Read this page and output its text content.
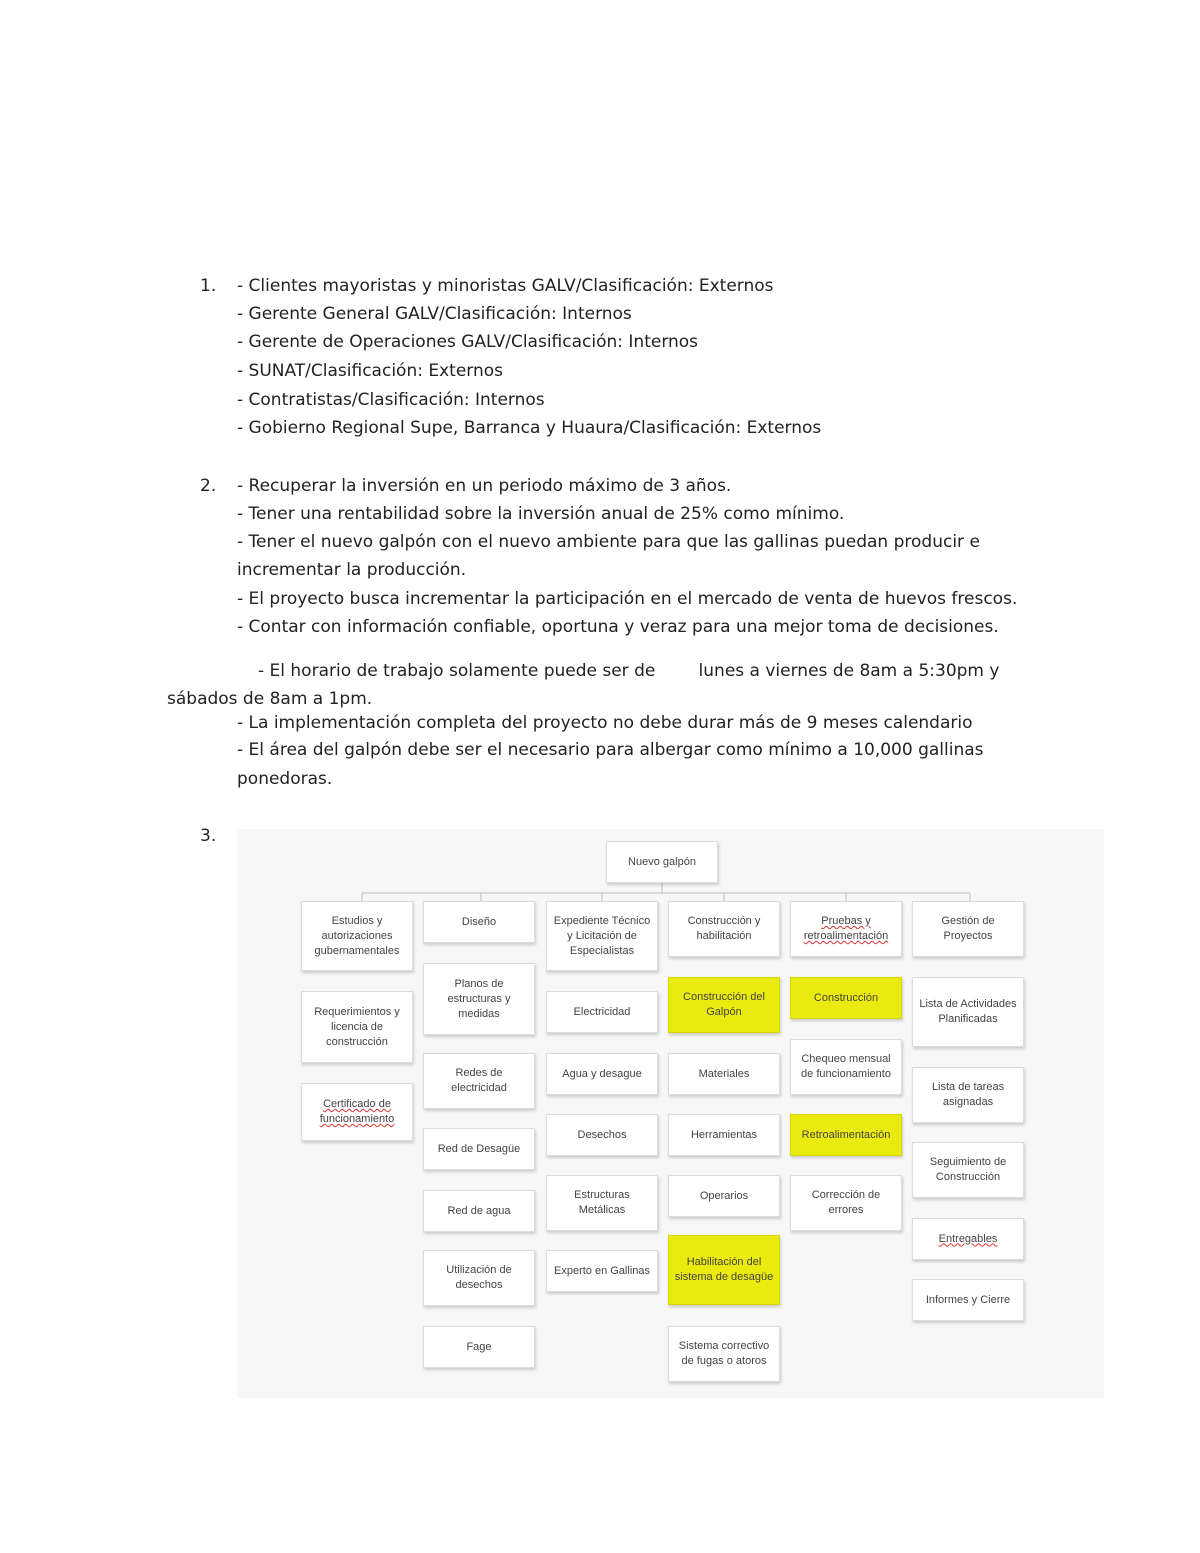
1. - Clientes mayoristas y minoristas GALV/Clasificación: Externos
- Gerente General GALV/Clasificación: Internos
- Gerente de Operaciones GALV/Clasificación: Internos
- SUNAT/Clasificación: Externos
- Contratistas/Clasificación: Internos
- Gobierno Regional Supe, Barranca y Huaura/Clasificación: Externos
2. - Recuperar la inversión en un periodo máximo de 3 años.
- Tener una rentabilidad sobre la inversión anual de 25% como mínimo.
- Tener el nuevo galpón con el nuevo ambiente para que las gallinas puedan producir e
incrementar la producción.
- El proyecto busca incrementar la participación en el mercado de venta de huevos frescos.
- Contar con información confiable, oportuna y veraz para una mejor toma de decisiones.
- El horario de trabajo solamente puede ser de        lunes a viernes de 8am a 5:30pm y
sábados de 8am a 1pm.
- La implementación completa del proyecto no debe durar más de 9 meses calendario
- El área del galpón debe ser el necesario para albergar como mínimo a 10,000 gallinas
ponedoras.
3.
Nuevo galpón
Estudios y autorizaciones gubernamentales
Requerimientos y licencia de construcción
Certificado de funcionamiento
Diseño
Planos de estructuras y medidas
Redes de electricidad
Red de Desagüe
Red de agua
Utilización de desechos
Fage
Expediente Técnico y Licitación de Especialistas
Electricidad
Agua y desague
Desechos
Estructuras Metálicas
Experto en Gallinas
Construcción y habilitación
Construcción del Galpón
Materiales
Herramientas
Operarios
Habilitación del sistema de desagüe
Sistema correctivo de fugas o atoros
Pruebas y retroalimentación
Construcción
Chequeo mensual de funcionamiento
Retroalimentación
Corrección de errores
Gestión de Proyectos
Lista de Actividades Planificadas
Lista de tareas asignadas
Seguimiento de Construcción
Entregables
Informes y Cierre
